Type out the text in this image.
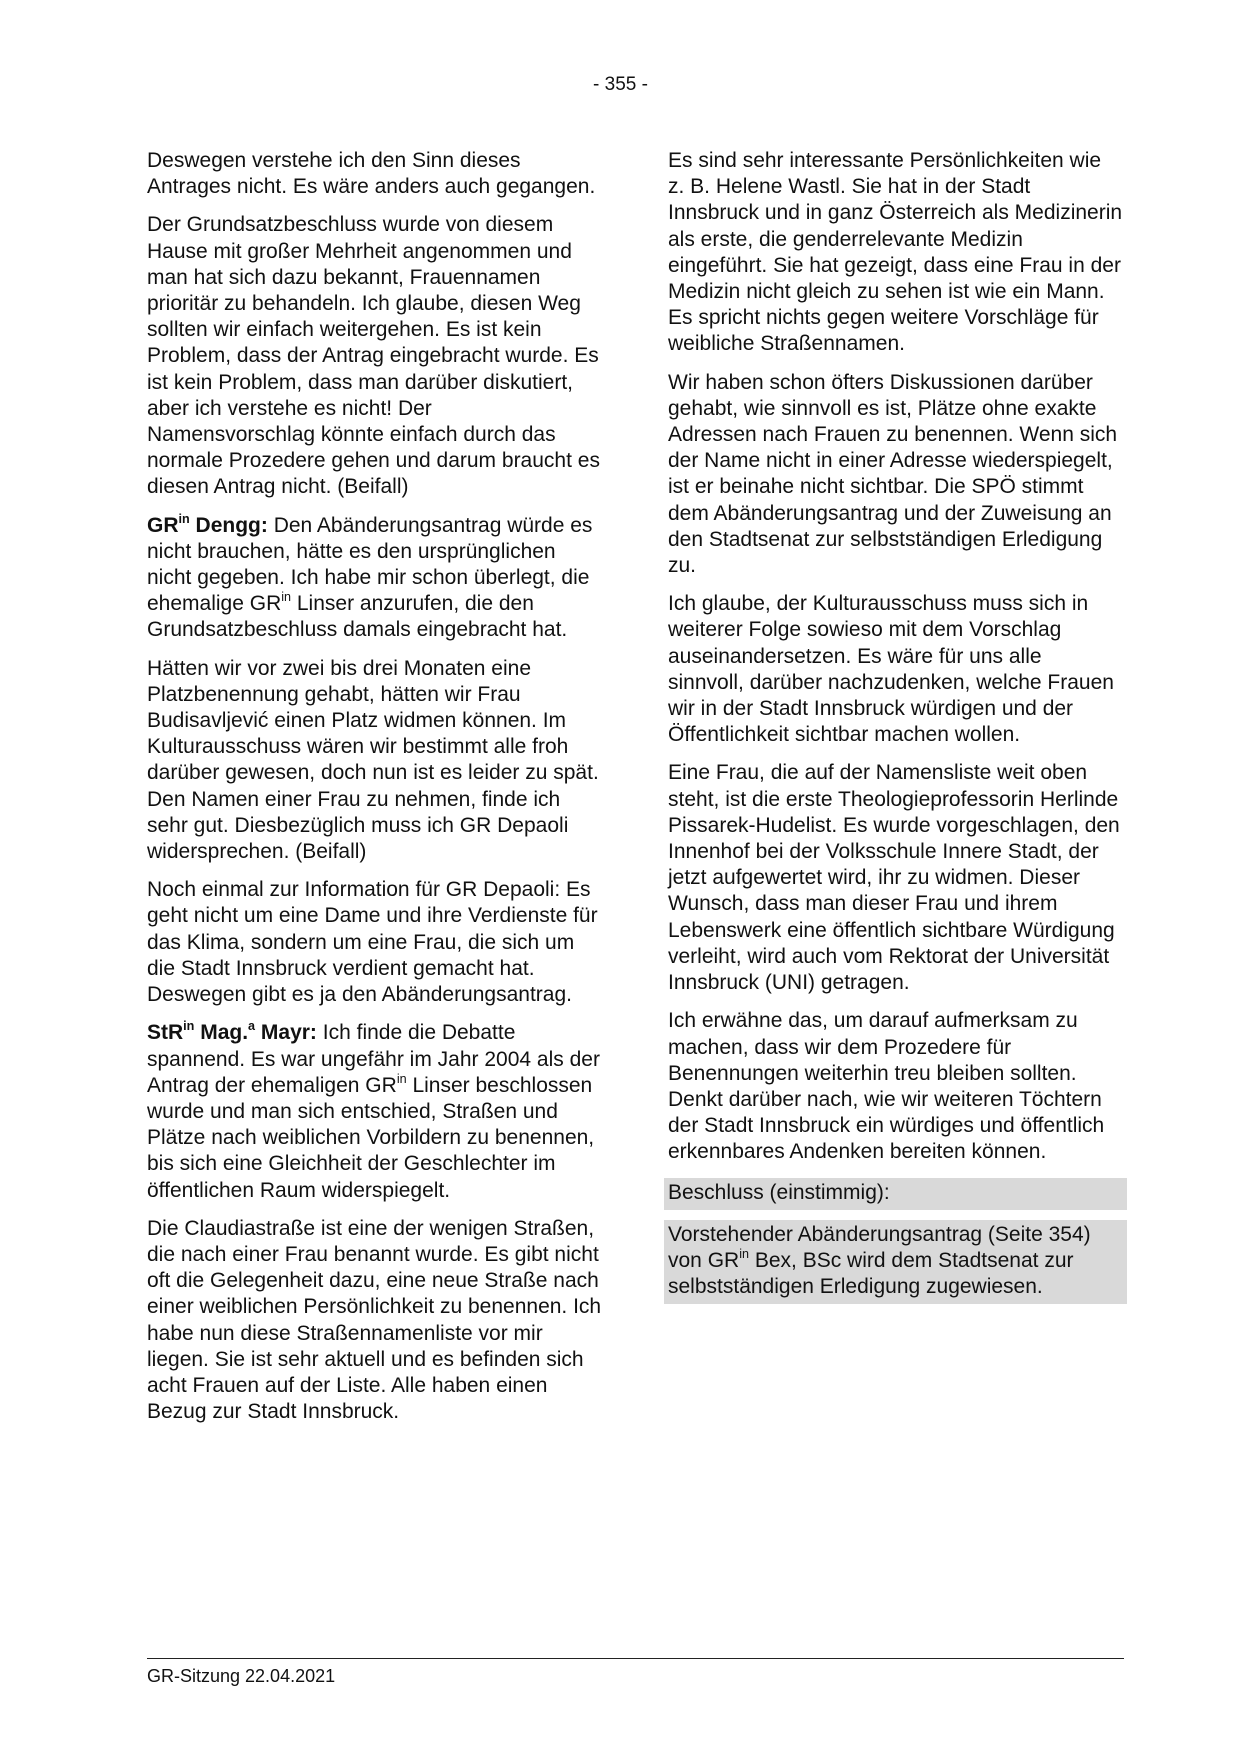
- 355 -

Deswegen verstehe ich den Sinn dieses Antrages nicht. Es wäre anders auch gegangen.

Der Grundsatzbeschluss wurde von diesem Hause mit großer Mehrheit angenommen und man hat sich dazu bekannt, Frauennamen prioritär zu behandeln. Ich glaube, diesen Weg sollten wir einfach weitergehen. Es ist kein Problem, dass der Antrag eingebracht wurde. Es ist kein Problem, dass man darüber diskutiert, aber ich verstehe es nicht! Der Namensvorschlag könnte einfach durch das normale Prozedere gehen und darum braucht es diesen Antrag nicht. (Beifall)

$GR^{in}$ Dengg: Den Abänderungsantrag würde es nicht brauchen, hätte es den ursprünglichen nicht gegeben. Ich habe mir schon überlegt, die ehemalige $GR^{in}$ Linser anzurufen, die den Grundsatzbeschluss damals eingebracht hat.

Hätten wir vor zwei bis drei Monaten eine Platzbenennung gehabt, hätten wir Frau Budisavljević einen Platz widmen können. Im Kulturausschuss wären wir bestimmt alle froh darüber gewesen, doch nun ist es leider zu spät. Den Namen einer Frau zu nehmen, finde ich sehr gut. Diesbezüglich muss ich GR Depaoli widersprechen. (Beifall)

Noch einmal zur Information für GR Depaoli: Es geht nicht um eine Dame und ihre Verdienste für das Klima, sondern um eine Frau, die sich um die Stadt Innsbruck verdient gemacht hat. Deswegen gibt es ja den Abänderungsantrag.

StR$^{in}$ Mag.$^a$ Mayr: Ich finde die Debatte spannend. Es war ungefähr im Jahr 2004 als der Antrag der ehemaligen $GR^{in}$ Linser beschlossen wurde und man sich entschied, Straßen und Plätze nach weiblichen Vorbildern zu benennen, bis sich eine Gleichheit der Geschlechter im öffentlichen Raum widerspiegelt.

Die Claudiastraße ist eine der wenigen Straßen, die nach einer Frau benannt wurde. Es gibt nicht oft die Gelegenheit dazu, eine neue Straße nach einer weiblichen Persönlichkeit zu benennen. Ich habe nun diese Straßennamenliste vor mir liegen. Sie ist sehr aktuell und es befinden sich acht Frauen auf der Liste. Alle haben einen Bezug zur Stadt Innsbruck.

Es sind sehr interessante Persönlichkeiten wie z. B. Helene Wastl. Sie hat in der Stadt Innsbruck und in ganz Österreich als Medizinerin als erste, die genderrelevante Medizin eingeführt. Sie hat gezeigt, dass eine Frau in der Medizin nicht gleich zu sehen ist wie ein Mann. Es spricht nichts gegen weitere Vorschläge für weibliche Straßennamen.

Wir haben schon öfters Diskussionen darüber gehabt, wie sinnvoll es ist, Plätze ohne exakte Adressen nach Frauen zu benennen. Wenn sich der Name nicht in einer Adresse wiederspiegelt, ist er beinahe nicht sichtbar. Die SPÖ stimmt dem Abänderungsantrag und der Zuweisung an den Stadtsenat zur selbstständigen Erledigung zu.

Ich glaube, der Kulturausschuss muss sich in weiterer Folge sowieso mit dem Vorschlag auseinandersetzen. Es wäre für uns alle sinnvoll, darüber nachzudenken, welche Frauen wir in der Stadt Innsbruck würdigen und der Öffentlichkeit sichtbar machen wollen.

Eine Frau, die auf der Namensliste weit oben steht, ist die erste Theologieprofessorin Herlinde Pissarek-Hudelist. Es wurde vorgeschlagen, den Innenhof bei der Volksschule Innere Stadt, der jetzt aufgewertet wird, ihr zu widmen. Dieser Wunsch, dass man dieser Frau und ihrem Lebenswerk eine öffentlich sichtbare Würdigung verleiht, wird auch vom Rektorat der Universität Innsbruck (UNI) getragen.

Ich erwähne das, um darauf aufmerksam zu machen, dass wir dem Prozedere für Benennungen weiterhin treu bleiben sollten. Denkt darüber nach, wie wir weiteren Töchtern der Stadt Innsbruck ein würdiges und öffentlich erkennbares Andenken bereiten können.

Beschluss (einstimmig):
Vorstehender Abänderungsantrag (Seite 354) von $GR^{in}$ Bex, BSc wird dem Stadtsenat zur selbstständigen Erledigung zugewiesen.
GR-Sitzung 22.04.2021
